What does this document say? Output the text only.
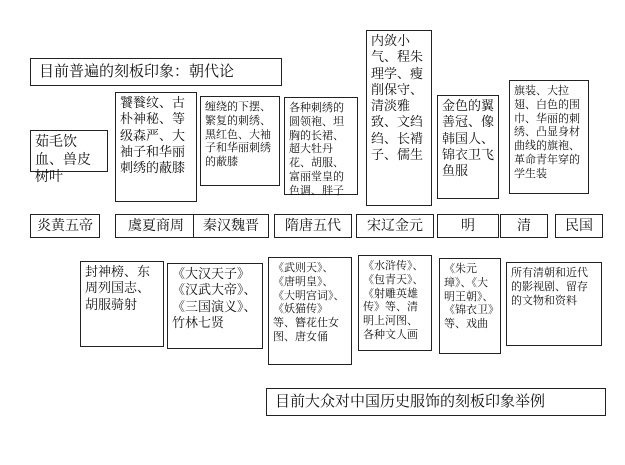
目前普遍的刻板印象：朝代论
茹毛饮血、兽皮树叶
饕餮纹、古朴神秘、等级森严、大袖子和华丽刺绣的蔽膝
缠绕的下摆、繁复的刺绣、黑红色、大袖子和华丽刺绣的蔽膝
各种刺绣的圆领袍、坦胸的长裙、超大牡丹花、胡服、富丽堂皇的色调、胖子
内敛小气、程朱理学、瘦削保守、清淡雅致、文绉绉、长褙子、儒生
金色的翼善冠、像韩国人、锦衣卫飞鱼服
旗装、大拉翅、白色的围巾、华丽的刺绣、凸显身材曲线的旗袍、革命青年穿的学生装
炎黄五帝	虞夏商周	秦汉魏晋	隋唐五代	宋辽金元	明	清	民国
封神榜、东周列国志、胡服骑射
《大汉天子》《汉武大帝》、《三国演义》、竹林七贤
《武则天》、《唐明皇》、《大明宫词》、《妖猫传》等、簪花仕女图、唐女俑
《水浒传》、《包青天》、《射雕英雄传》等、清明上河图、各种文人画
《朱元璋》、《大明王朝》、《锦衣卫》等、戏曲
所有清朝和近代的影视剧、留存的文物和资料
目前大众对中国历史服饰的刻板印象举例
